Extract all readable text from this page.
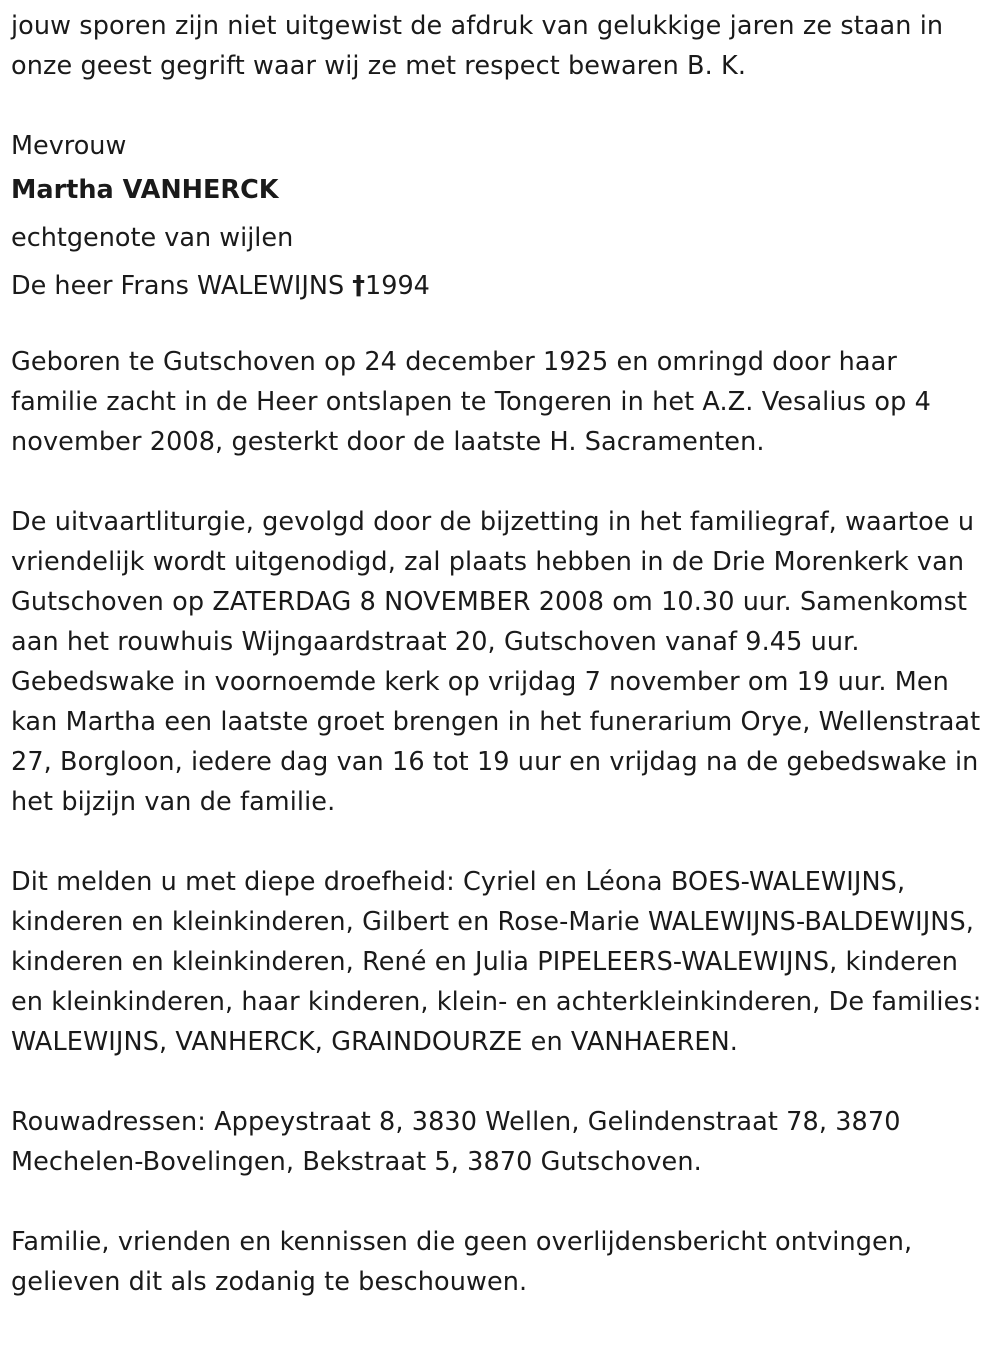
jouw sporen zijn niet uitgewist de afdruk van gelukkige jaren ze staan in onze geest gegrift waar wij ze met respect bewaren B. K.

Mevrouw

Martha VANHERCK

echtgenote van wijlen

De heer Frans WALEWIJNS †1994

Geboren te Gutschoven op 24 december 1925 en omringd door haar familie zacht in de Heer ontslapen te Tongeren in het A.Z. Vesalius op 4 november 2008, gesterkt door de laatste H. Sacramenten.

De uitvaartliturgie, gevolgd door de bijzetting in het familiegraf, waartoe u vriendelijk wordt uitgenodigd, zal plaats hebben in de Drie Morenkerk van Gutschoven op ZATERDAG 8 NOVEMBER 2008 om 10.30 uur. Samenkomst aan het rouwhuis Wijngaardstraat 20, Gutschoven vanaf 9.45 uur. Gebedswake in voornoemde kerk op vrijdag 7 november om 19 uur. Men kan Martha een laatste groet brengen in het funerarium Orye, Wellenstraat 27, Borgloon, iedere dag van 16 tot 19 uur en vrijdag na de gebedswake in het bijzijn van de familie.

Dit melden u met diepe droefheid: Cyriel en Léona BOES-WALEWIJNS, kinderen en kleinkinderen, Gilbert en Rose-Marie WALEWIJNS-BALDEWIJNS, kinderen en kleinkinderen, René en Julia PIPELEERS-WALEWIJNS, kinderen en kleinkinderen, haar kinderen, klein- en achterkleinkinderen, De families: WALEWIJNS, VANHERCK, GRAINDOURZE en VANHAEREN.

Rouwadressen: Appeystraat 8, 3830 Wellen, Gelindenstraat 78, 3870 Mechelen-Bovelingen, Bekstraat 5, 3870 Gutschoven.

Familie, vrienden en kennissen die geen overlijdensbericht ontvingen, gelieven dit als zodanig te beschouwen.
